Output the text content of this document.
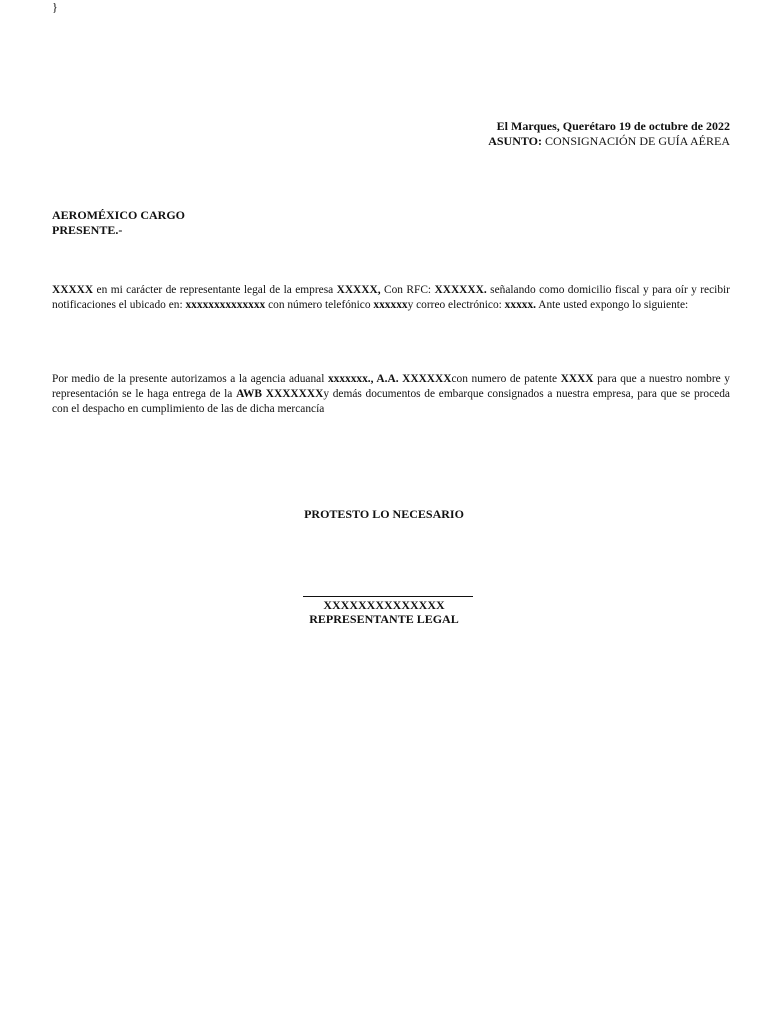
}
El Marques, Querétaro 19 de octubre de 2022
ASUNTO: CONSIGNACIÓN DE GUÍA AÉREA
AEROMÉXICO CARGO
PRESENTE.-
XXXXX en mi carácter de representante legal de la empresa XXXXX, Con RFC: XXXXXX. señalando como domicilio fiscal y para oír y recibir notificaciones el ubicado en: xxxxxxxxxxxxxx con número telefónico xxxxxxy correo electrónico: xxxxx. Ante usted expongo lo siguiente:
Por medio de la presente autorizamos a la agencia aduanal xxxxxxx., A.A. XXXXXXcon numero de patente XXXX para que a nuestro nombre y representación se le haga entrega de la AWB XXXXXXXy demás documentos de embarque consignados a nuestra empresa, para que se proceda con el despacho en cumplimiento de las de dicha mercancía
PROTESTO LO NECESARIO
XXXXXXXXXXXXXX
REPRESENTANTE LEGAL
